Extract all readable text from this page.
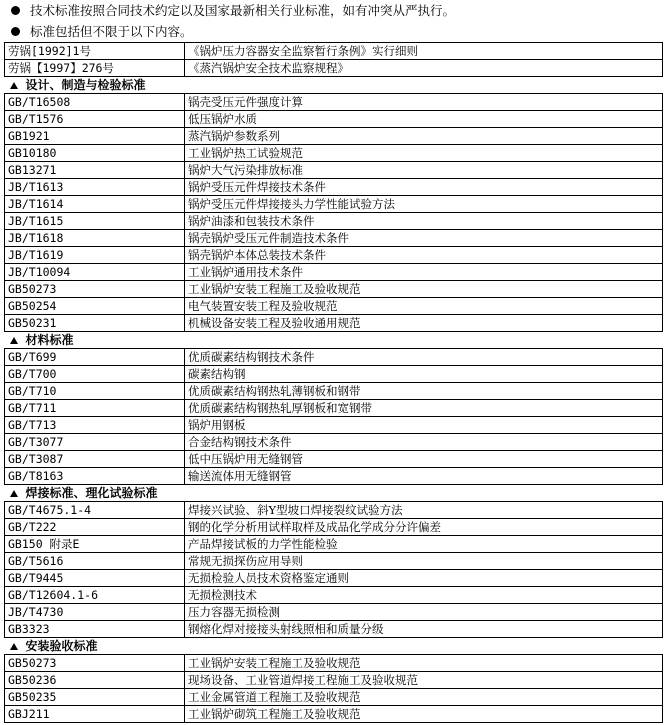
技术标准按照合同技术约定以及国家最新相关行业标准，如有冲突从严执行。
标准包括但不限于以下内容。
劳锅[1992]1号	《锅炉压力容器安全监察暂行条例》实行细则
劳锅【1997】276号	《蒸汽锅炉安全技术监察规程》
设计、制造与检验标准	
GB/T16508	锅壳受压元件强度计算
GB/T1576	低压锅炉水质
GB1921	蒸汽锅炉参数系列
GB10180	工业锅炉热工试验规范
GB13271	锅炉大气污染排放标准
JB/T1613	锅炉受压元件焊接技术条件
JB/T1614	锅炉受压元件焊接接头力学性能试验方法
JB/T1615	锅炉油漆和包装技术条件
JB/T1618	锅壳锅炉受压元件制造技术条件
JB/T1619	锅壳锅炉本体总装技术条件
JB/T10094	工业锅炉通用技术条件
GB50273	工业锅炉安装工程施工及验收规范
GB50254	电气装置安装工程及验收规范
GB50231	机械设备安装工程及验收通用规范
材料标准	
GB/T699	优质碳素结构钢技术条件
GB/T700	碳素结构钢
GB/T710	优质碳素结构钢热轧薄钢板和钢带
GB/T711	优质碳素结构钢热轧厚钢板和宽钢带
GB/T713	锅炉用钢板
GB/T3077	合金结构钢技术条件
GB/T3087	低中压锅炉用无缝钢管
GB/T8163	输送流体用无缝钢管
焊接标准、理化试验标准	
GB/T4675.1-4	焊接兴试验、斜Y型坡口焊接裂纹试验方法
GB/T222	钢的化学分析用试样取样及成品化学成分分许偏差
GB150 附录E	产品焊接试板的力学性能检验
GB/T5616	常规无损探伤应用导则
GB/T9445	无损检验人员技术资格鉴定通则
GB/T12604.1-6	无损检测技术
JB/T4730	压力容器无损检测
GB3323	钢熔化焊对接接头射线照相和质量分级
安装验收标准	
GB50273	工业锅炉安装工程施工及验收规范
GB50236	现场设备、工业管道焊接工程施工及验收规范
GB50235	工业金属管道工程施工及验收规范
GBJ211	工业锅炉砌筑工程施工及验收规范
